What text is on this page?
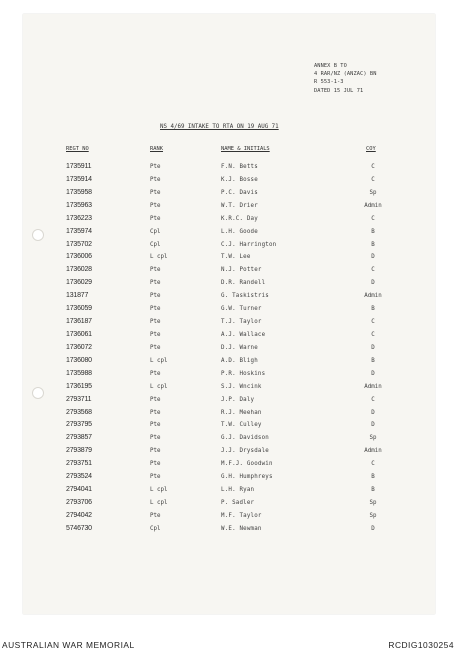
ANNEX B TO
4 RAR/NZ (ANZAC) BN
R 553-1-3
DATED 15 JUL 71
NS 4/69 INTAKE TO RTA ON 19 AUG 71
REGT NO	RANK	NAME & INITIALS	COY
1735911	Pte	F.N. Betts	C
1735914	Pte	K.J. Bosse	C
1735958	Pte	P.C. Davis	Sp
1735963	Pte	W.T. Drier	Admin
1736223	Pte	K.R.C. Day	C
1735974	Cpl	L.H. Goode	B
1735702	Cpl	C.J. Harrington	B
1736006	L cpl	T.W. Lee	D
1736028	Pte	N.J. Potter	C
1736029	Pte	D.R. Randell	D
131877	Pte	G. Taskistris	Admin
1736059	Pte	G.W. Turner	B
1736187	Pte	T.J. Taylor	C
1736061	Pte	A.J. Wallace	C
1736072	Pte	D.J. Warne	D
1736080	L cpl	A.D. Bligh	B
1735988	Pte	P.R. Hoskins	D
1736195	L cpl	S.J. Wncink	Admin
2793711	Pte	J.P. Daly	C
2793568	Pte	R.J. Meehan	D
2793795	Pte	T.W. Culley	D
2793857	Pte	G.J. Davidson	Sp
2793879	Pte	J.J. Drysdale	Admin
2793751	Pte	M.F.J. Goodwin	C
2793524	Pte	G.H. Humphreys	B
2794041	L cpl	L.H. Ryan	B
2793706	L cpl	P. Sadler	Sp
2794042	Pte	M.F. Taylor	Sp
5746730	Cpl	W.E. Newman	D
AUSTRALIAN WAR MEMORIAL	RCDIG1030254
